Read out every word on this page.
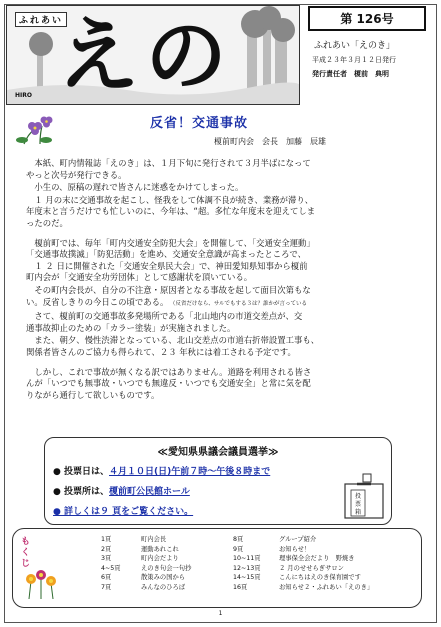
ふれあい
えの
HIRO
第 126号
ふれあい「えのき」
平成２３年３月１２日発行
発行責任者　榎前　典明
反省！交通事故
榎前町内会　会長　加藤　辰雄

　本紙、町内情報誌「えのき」は、１月下旬に発行されて３月半ばになって
やっと次号が発行できる。

　小生の、原稿の遅れで皆さんに迷惑をかけてしまった。

　１ 月の末に交通事故を起こし、怪我をして体調不良が続き、業務が滞り、
年度末と言うだけでも忙しいのに、今年は、“超。多忙な年度末を迎えてしま
ったのだ。

　榎前町では、毎年「町内交通安全防犯大会」を開催して、「交通安全運動」
「交通事故撲滅」「防犯活動」を進め、交通安全意識が高まったところで、
　１ ２ 日に開催された「交通安全県民大会」で、神田愛知県知事から榎前
町内会が「交通安全功労団体」として感謝状を頂いている。

　その町内会長が、自分の不注意・原因者となる事故を起して面目次第もな
い。反省しきりの今日この頃である。　（反省だけなら、サルでもする３は？誰かが言っている

　さて、榎前町の交通事故多発場所である「北山地内の市道交差点が、交
通事故抑止のための「カラー塗装」が実施されました。

　また、朝夕、慢性渋滞となっている、北山交差点の市道右折帯設置工事も、
関係者皆さんのご協力も得られて、２３ 年秋には着工される予定です。

　しかし、これで事故が無くなる訳ではありません。道路を利用される皆さ
んが「いつでも無事故・いつでも無違反・いつでも交通安全」と常に気を配
りながら通行して欲しいものです。

≪愛知県県議会議員選挙≫
● 投票日は、４月１０日(日)午前７時～午後８時まで
● 投票所は、榎前町公民館ホール
● 詳しくは９ 頁をご覧ください。
投
票
箱
も
く
じ
1頁	町内会長
2頁	運動あれこれ
3頁	町内会だより
4~5頁	えのき句会一句抄
6頁	散策みの国から
7頁	みんなのひろば
8頁	グループ紹介
9頁	お知らせ！
10~11頁	理事保全会だより　野焼き
12~13頁	２ 月のせせらぎサロン
14~15頁	こんにちはえのき保育園です
16頁	お知らせ２・ふれあい「えのき」
1
